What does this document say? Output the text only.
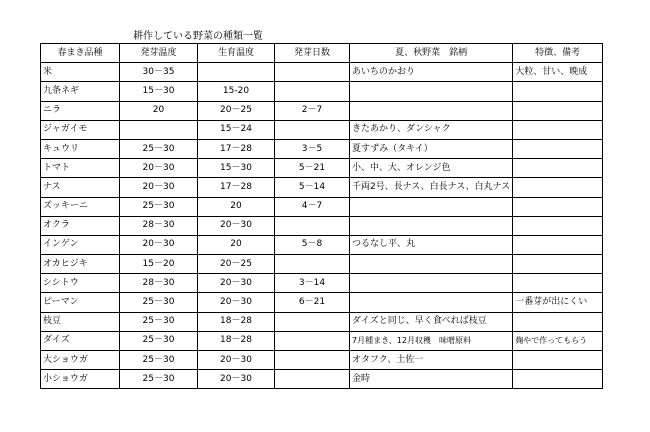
耕作している野菜の種類一覧
春まき品種	発芽温度	生育温度	発芽日数	夏、秋野菜　銘柄	特徴、備考
米	30－35			あいちのかおり	大粒、甘い、晩成
九条ネギ	15－30	15-20			
ニラ	20	20－25	2－7		
ジャガイモ		15－24		きたあかり、ダンシャク	
キュウリ	25－30	17－28	3－5	夏すずみ（タキイ）	
トマト	20－30	15－30	5－21	小、中、大、オレンジ色	
ナス	20－30	17－28	5－14	千両2号、長ナス、白長ナス、白丸ナス	
ズッキーニ	25－30	20	4－7		
オクラ	28－30	20－30			
インゲン	20－30	20	5－8	つるなし平、丸	
オカヒジキ	15－20	20－25			
シシトウ	28－30	20－30	3－14		
ピーマン	25－30	20－30	6－21		一番芽が出にくい
枝豆	25－30	18－28		ダイズと同じ、早く食べれば枝豆	
ダイズ	25－30	18－28		7月種まき、12月収穫　味噌原料	麹やで作ってもらう
大ショウガ	25－30	20－30		オタフク、土佐一	
小ショウガ	25－30	20－30		金時	
